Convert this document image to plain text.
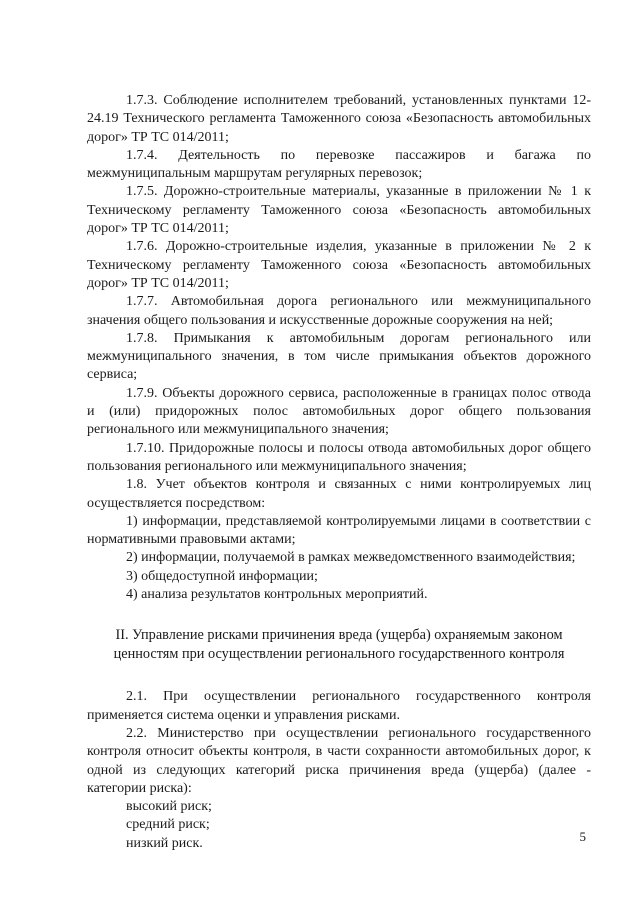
1.7.3. Соблюдение исполнителем требований, установленных пунктами 12-24.19 Технического регламента Таможенного союза «Безопасность автомобильных дорог» ТР ТС 014/2011;

1.7.4. Деятельность по перевозке пассажиров и багажа по межмуниципальным маршрутам регулярных перевозок;

1.7.5. Дорожно-строительные материалы, указанные в приложении № 1 к Техническому регламенту Таможенного союза «Безопасность автомобильных дорог» ТР ТС 014/2011;

1.7.6. Дорожно-строительные изделия, указанные в приложении № 2 к Техническому регламенту Таможенного союза «Безопасность автомобильных дорог» ТР ТС 014/2011;

1.7.7. Автомобильная дорога регионального или межмуниципального значения общего пользования и искусственные дорожные сооружения на ней;

1.7.8. Примыкания к автомобильным дорогам регионального или межмуниципального значения, в том числе примыкания объектов дорожного сервиса;

1.7.9. Объекты дорожного сервиса, расположенные в границах полос отвода и (или) придорожных полос автомобильных дорог общего пользования регионального или межмуниципального значения;

1.7.10. Придорожные полосы и полосы отвода автомобильных дорог общего пользования регионального или межмуниципального значения;

1.8. Учет объектов контроля и связанных с ними контролируемых лиц осуществляется посредством:

1) информации, представляемой контролируемыми лицами в соответствии с нормативными правовыми актами;

2) информации, получаемой в рамках межведомственного взаимодействия;

3) общедоступной информации;

4) анализа результатов контрольных мероприятий.

II. Управление рисками причинения вреда (ущерба) охраняемым законом
ценностям при осуществлении регионального государственного контроля

2.1. При осуществлении регионального государственного контроля применяется система оценки и управления рисками.

2.2. Министерство при осуществлении регионального государственного контроля относит объекты контроля, в части сохранности автомобильных дорог, к одной из следующих категорий риска причинения вреда (ущерба) (далее - категории риска):

высокий риск;

средний риск;

низкий риск.	5
